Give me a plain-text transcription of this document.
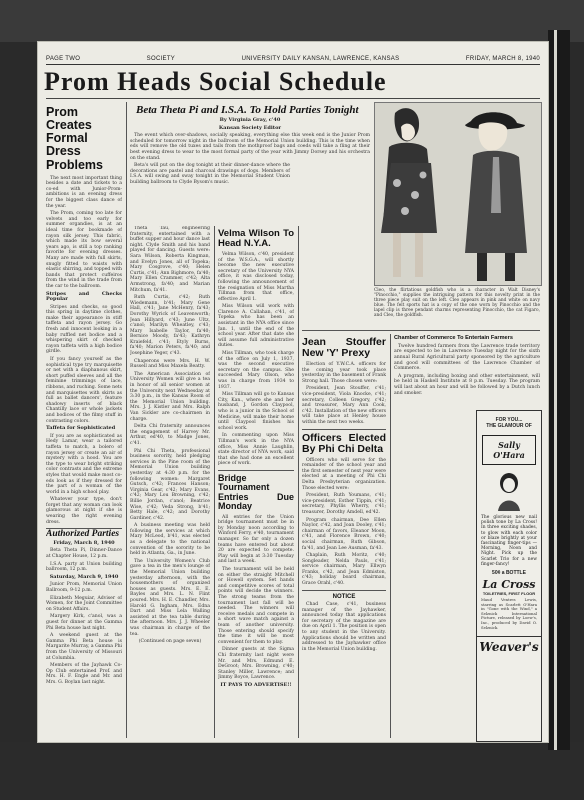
PAGE TWO	SOCIETY	UNIVERSITY DAILY KANSAN, LAWRENCE, KANSAS	FRIDAY, MARCH 8, 1940
Prom Heads Social Schedule
Prom Creates Formal Dress Problems

The next most important thing besides a date and tickets to a co-ed with Junior-Prom-ambitions is an evening dress for the biggest class dance of the year.

The Prom, coming too late for velvets and too early for summer organdies, is at an ideal time for bookmade of rayon silk jersey. This fabric, which made its bow several years ago, is still a top ranking favorite for evening dresses. Many are made with full skirts, snugly fitted to waists with elastic shirring, and topped with bands that protect cuffeiros from the wind in the trade from the car to the ballroom.

Stripes and Checks Popular

Stripes and checks, so good this spring in daytime clothes, make their appearance in stiff taffeta and rayon jersey. Go fresh and innocent looking in a baby ruffled net bodice and a whispering skirt of checked rayon taffeta with a high bodice girdle.

If you fancy yourself as the sophistical type try marquisette or net with a diaphanous skirt, short puffed sleeves and all the feminine trimmings of lace, ribbons, and ruching. Some nets and marquisettes with skirts as full as ballet dancers', feature shadowy inserts of black Chantilly lace or whole jackets and bodices of the filmy stuff in contrasting colors.

Taffeta for Sophisticated

If you are as sophisticated as Hedy Lamar, wear a tailored taffeta to match, a bolero of rayon jersey or create an air of mystery with a hood. You are the type to wear bright striking color contrasts and the extreme styles that would make most co-eds look as if they dressed for the part of a woman of the world in a high school play.

Whatever your type, don't forget that any woman can look glamorous at night if she is wearing the right evening dress.

Authorized Parties

Friday, March 8, 1940

Beta Theta Pi, Dinner-Dance at Chapter House, 12 p.m.

I.S.A. party at Union building ballroom, 12 p.m.

Saturday, March 9, 1940

Junior Prom, Memorial Union Ballroom, 9-12 p.m.

Elizabeth Meguiar, Adviser of Women, for the Joint Committee on Student Affairs.

Margery Kirk, c'anol, was a guest for dinner at the Gamma Phi Beta house last night.

A weekend guest at the Gamma Phi Beta house is Margarite Murray, a Gamma Phi from the University of Missouri at Columbia.

Members of the Jayhawk Co-Op Club entertained Prof. and Mrs. H. F. Engle and Mr. and Mrs. G. Boylan last night.

Beta Theta Pi and I.S.A. To Hold Parties Tonight
By Virginia Gray, c'40
Kansan Society Editor

The event which over-shadows, socially speaking, everything else this week end is the Junior Prom scheduled for tomorrow night in the ballroom of the Memorial Union building. This is the time when eds will remove the old tuxes and tails from the mothproof bags and coeds will take a fling at their best evening dress to wear to the most formal party of the year with Jimmy Dorsey and his orchestra on the stand.

Beta's will put on the dog tonight at their dinner-dance where the decorations are pastel and charcoal drawings of dogs. Members of I.S.A. will swing and sway tonight in the Memorial Student Union building ballroom to Clyde Bysom's music.

Theta Tau, engineering fraternity, entertained with a buffet supper and hour dance last night. Clyde Smith and his band played for dancing. Guests were: Sara Wilson, Roberta Kingman, and Evelyn Jones, all of Topeka; Mary Cosgrove, c'40; Helen Curtis, c'41; Ann Bighmore, fa'40; Mary Ellen Crammer, c'42; Alta Armstrong, fa'40; and Marian Mitchum, fa'41.

Ruth Curtis, c'42; Ruth Wiedemann, b'41; Mary Gene Hall, c'41; Jane McHenry, fa'43; Dorothy Wyrick of Leavenworth; Jean Hillyard, c'43; June Ultz, c'anol; Marilyn Wheatley, c'43; Mary Isabelle Taylor, fa'40; Bernice Moody, fa'43; Kathryn Kraiefeld, c'41; Etyly Burns, fa'40; Marion Peters, fa'40; and Josephine Yeger, c'43.

Chaperons were Mrs. H. W. Russell and Miss Maxela Beatty.

The American Association of University Women will give a tea in honor of all senior women at the University next Wednesday at 3:30 p.m., in the Kansas Room of the Memorial Union building. Mrs. J. J. Kistler and Mrs. Ralph Van Sickler are co-chairmen in charge.

Delta Chi fraternity announces the engagement of Harvey Mr. Arthur, ed'40, to Madge Jones, c'41.

Phi Chi Theta, professional business sorority, held pledging services in the Pine room of the Memorial Union building yesterday at 4:30 p.m. for the following women: Margaret Gutsch, c'42; Frances Hanson; Virginia Gear, c'42; Mary Evans, c'42; Mary Lou Browning, c'42; Billie Jordan, c'anol; Beatrice Wise, c'42; Veda Strong, b'41; Betty Hale, c'42; and Dorothy Gardiner, c'42.

A business meeting was held following the services at which Mary McLeod, b'41, was elected as a delegate to the national convention of the sorority to be held in Atlanta, Ga., in June.

The University Women's Club gave a tea in the men's lounge of the Memorial Union building yesterday afternoon, with the housemothers of organized houses as guests. Mrs. E. E. Bayles and Mrs. L. N. Flint poured. Mrs. H. E. Chandler, Mrs. Harold G. Ingham, Mrs. Edna Dart and Miss Lela Walling assisted at the tea table during the afternoon. Mrs. J. J. Wheeler was chairman in charge of the tea.

(Continued on page seven)

Velma Wilson To Head N.Y.A.

Velma Wilson, c'40, president of the W.S.G.A., will shortly become the new executive secretary of the University NYA office, it was disclosed today, following the announcement of the resignation of Miss Martha Tillman from that office, effective April 1.

Miss Wilson will work with Clarence A. Callahan, c'41, of Topeka who has been an assistant in the NYA office since Jan. 1, until the end of the school year. After that date she will assume full administrative duties.

Miss Tillman, who took charge of the office on July 1, 1937, was the second executive secretary on the campus. She succeeded Mary Olson, who was in charge from 1934 to 1937.

Miss Tillman will go to Kansas City, Kan., where she and her husband, J. Gordon Claypool, who is a junior in the School of Medicine, will make their home until Claypool finishes his school work.

In commenting upon Miss Tillman's work in the NYA office, Miss Annie Laughlin, state director of NYA work, said that she had done an excellent piece of work.

Bridge Tournament Entries Due Monday

All entries for the Union bridge tournament must be in by Monday noon according to Winford Ferry, e'40, tournament manager. So far only a dozen teams have entered but about 20 are expected to compete. Play will begin at 3:30 Tuesday and last a week.

The tournament will be held on either the straight Mitchell or Howell system. Set hands and competitive scores of total points will decide the winners. The strong teams from the tournament last fall will be needed. The winners will receive medals and compete in a short wave match against a team of another university. Those entering should specify the time it will be most convenient for them to play.

Dinner guests at the Sigma Chi fraternity last night were Mr. and Mrs. Edmund E. DeGroot; Mrs. Browning, c'40; Stanley Miller, Lawrence; and Jimmy Boyce, Lawrence.

IT PAYS TO ADVERTISE!!

Cleo, the flirtatious goldfish who is a character in Walt Disney's "Pinocchio," supplies the intriguing pattern for this novelty print in the three piece play suit on the left. Cleo appears in pink and white on navy blue. The felt sports hat is a copy of the one worn by Pinocchio and the lapel clip is three pendant charms representing Pinocchio, the cat Figaro, and Cleo, the goldfish.
Jean Stouffer New 'Y' Prexy

Election of Y.W.C.A. officers for the coming year took place yesterday in the basement of Frank Strong hall. Those chosen were:

President, Jean Stouffer, c'41; vice-president, Viola Knocke, c'41; secretary, Colleen Gregory, c'42; and treasurer, Mary Ann Cook, c'42. Installation of the new officers will take place at Henley house within the next two weeks.

Officers Elected By Phi Chi Delta

Officers who will serve for the remainder of the school year and the first semester of next year were elected at a meeting of Phi Chi Delta Presbyterian organization. Those elected were:

President, Ruth Youmans, c'41; vice-president, Esther Tippin, c'41; secretary, Phyllis Wherry, c'41; treasurer, Dorothy Amdell, ed'42.

Program chairman, Dee Ellen Naylor, c'42, and Joan Dooley, c'41; chairman of favors, Eleanor Moon, c'41, and Florence Brown, c'40; social chairman, Ruth Gibson, fa'41, and Jean Lee Ausman, fa'43.

Chaplain, Ruth Moritz, c'40; Songleader, Nelda Pauls, c'41; service chairman, Mary Ellwyn Franks, c'42, and Jean Edmiston, c'43; holiday board chairman, Grace Orahl, c'40.

NOTICE

Chad Case, c'41, business manager of the Jayhawker, announced today that applications for secretary of the magazine are due on April 1. The position is open to any student in the University. Applications should be written and addressed to the Jayhawker office in the Memorial Union building.

Chamber of Commerce To Entertain Farmers

Twelve hundred farmers from the Lawrence trade territory are expected to be in Lawrence Tuesday night for the sixth annual Rural Agricultural party sponsored by the agriculture and good will committees of the Lawrence Chamber of Commerce.

A program, including boxing and other entertainment, will be held in Haskell Institute at 8 p.m. Tuesday. The program will last about an hour and will be followed by a Dutch lunch and smoker.

FOR YOU...
THE GLAMOUR OF
Sally O'Hara
The glorious new nail polish tone by La Cross! In three exciting shades, to glow with each color or blaze brightly at your fascinating finger-tips — Morning, Noon and Night. Pick up the Scarlet Trio for a new finger-fancy!
50¢ a BOTTLE
La Cross
TOILETRIES, FIRST FLOOR
Maud Ventres Lewis, starring as Scarlett O'Hara in "Gone with the Wind," a Selznick International Picture, released by Loew's, Inc., produced by David O. Selznick.
Weaver's
